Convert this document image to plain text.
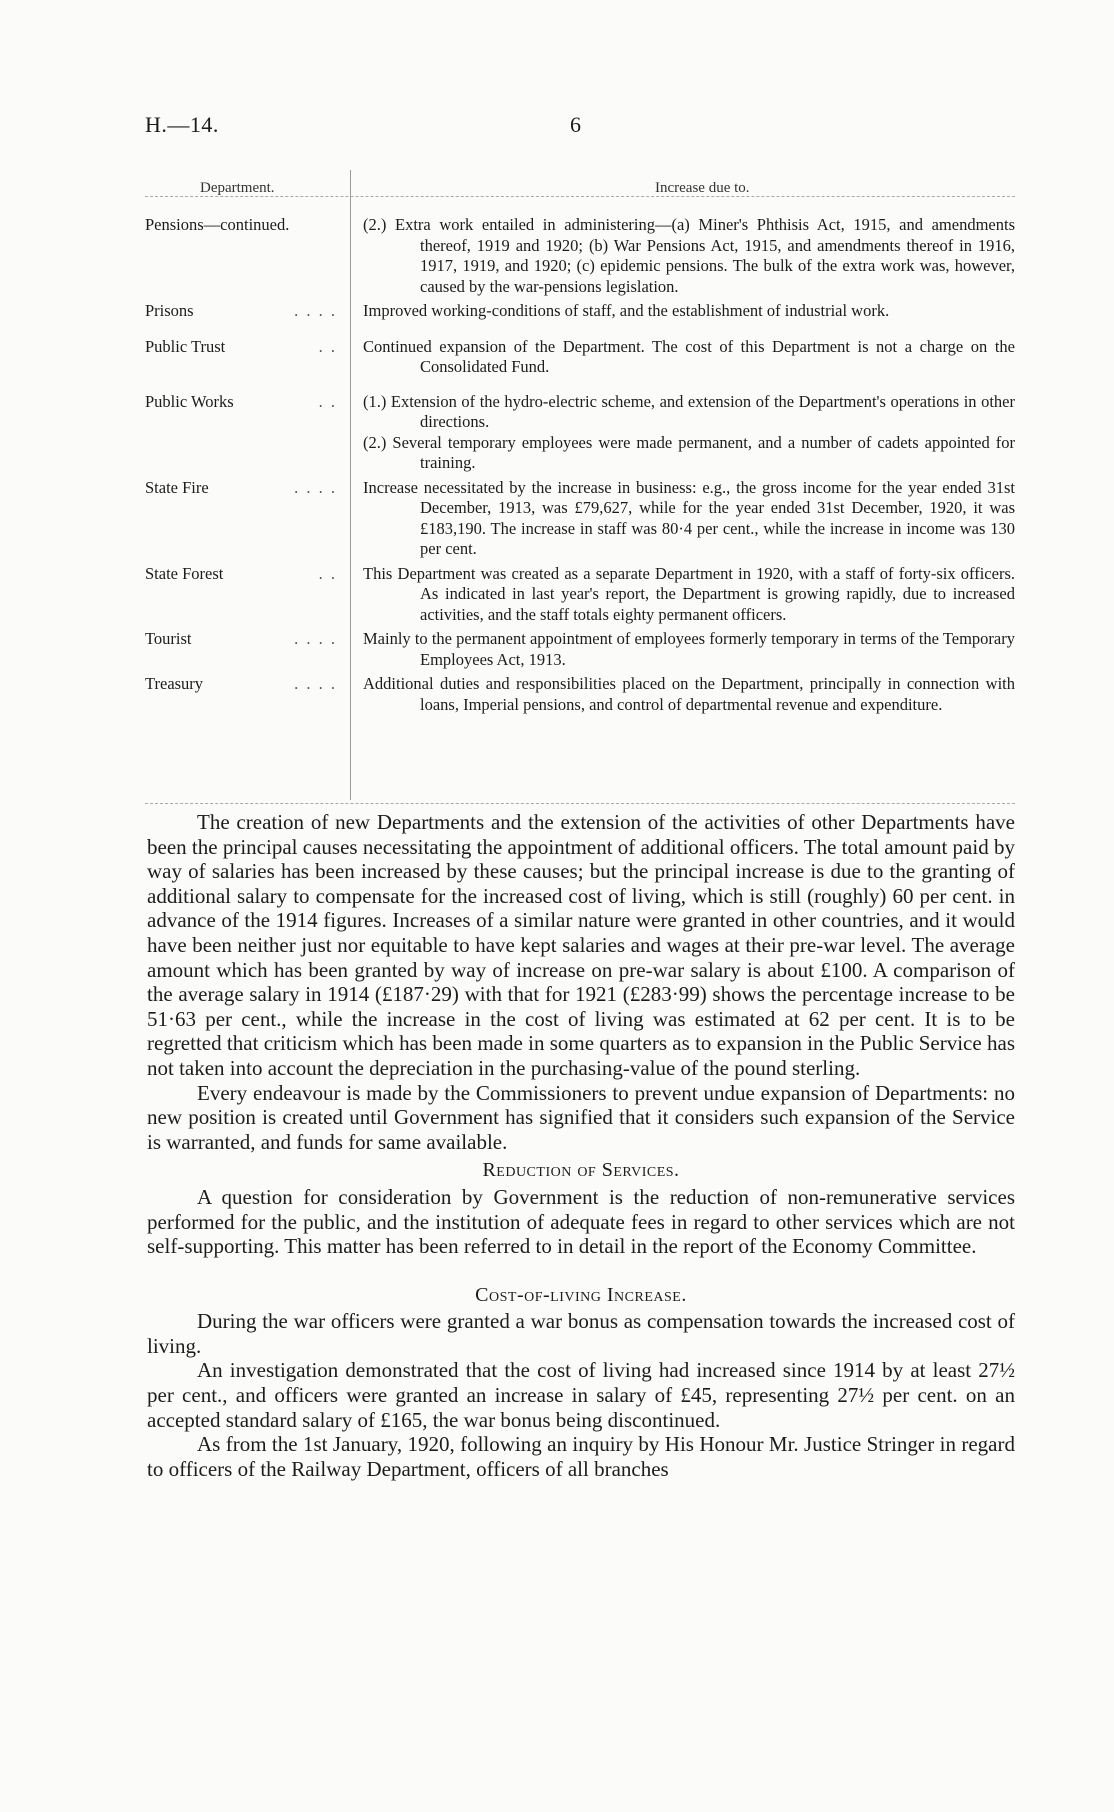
H.—14.	6
Department.	Increase due to.
Pensions—continued.	(2.) Extra work entailed in administering—(a) Miner's Phthisis Act, 1915, and amendments thereof, 1919 and 1920; (b) War Pensions Act, 1915, and amendments thereof in 1916, 1917, 1919, and 1920; (c) epidemic pensions. The bulk of the extra work was, however, caused by the war-pensions legislation.

Prisons	. . . . Improved working-conditions of staff, and the establishment of industrial work.

Public Trust	. . Continued expansion of the Department. The cost of this Department is not a charge on the Consolidated Fund.

Public Works	. . (1.) Extension of the hydro-electric scheme, and extension of the Department's operations in other directions.

(2.) Several temporary employees were made permanent, and a number of cadets appointed for training.

State Fire	. . . . Increase necessitated by the increase in business: e.g., the gross income for the year ended 31st December, 1913, was £79,627, while for the year ended 31st December, 1920, it was £183,190. The increase in staff was 80·4 per cent., while the increase in income was 130 per cent.

State Forest	. . This Department was created as a separate Department in 1920, with a staff of forty-six officers. As indicated in last year's report, the Department is growing rapidly, due to increased activities, and the staff totals eighty permanent officers.

Tourist	. . . . Mainly to the permanent appointment of employees formerly temporary in terms of the Temporary Employees Act, 1913.

Treasury	. . . . Additional duties and responsibilities placed on the Department, principally in connection with loans, Imperial pensions, and control of departmental revenue and expenditure.

The creation of new Departments and the extension of the activities of other Departments have been the principal causes necessitating the appointment of additional officers. The total amount paid by way of salaries has been increased by these causes; but the principal increase is due to the granting of additional salary to compensate for the increased cost of living, which is still (roughly) 60 per cent. in advance of the 1914 figures. Increases of a similar nature were granted in other countries, and it would have been neither just nor equitable to have kept salaries and wages at their pre-war level. The average amount which has been granted by way of increase on pre-war salary is about £100. A comparison of the average salary in 1914 (£187·29) with that for 1921 (£283·99) shows the percentage increase to be 51·63 per cent., while the increase in the cost of living was estimated at 62 per cent. It is to be regretted that criticism which has been made in some quarters as to expansion in the Public Service has not taken into account the depreciation in the purchasing-value of the pound sterling.

Every endeavour is made by the Commissioners to prevent undue expansion of Departments: no new position is created until Government has signified that it considers such expansion of the Service is warranted, and funds for same available.

Reduction of Services.

A question for consideration by Government is the reduction of non-remunerative services performed for the public, and the institution of adequate fees in regard to other services which are not self-supporting. This matter has been referred to in detail in the report of the Economy Committee.

Cost-of-living Increase.

During the war officers were granted a war bonus as compensation towards the increased cost of living.

An investigation demonstrated that the cost of living had increased since 1914 by at least 27½ per cent., and officers were granted an increase in salary of £45, representing 27½ per cent. on an accepted standard salary of £165, the war bonus being discontinued.

As from the 1st January, 1920, following an inquiry by His Honour Mr. Justice Stringer in regard to officers of the Railway Department, officers of all branches
